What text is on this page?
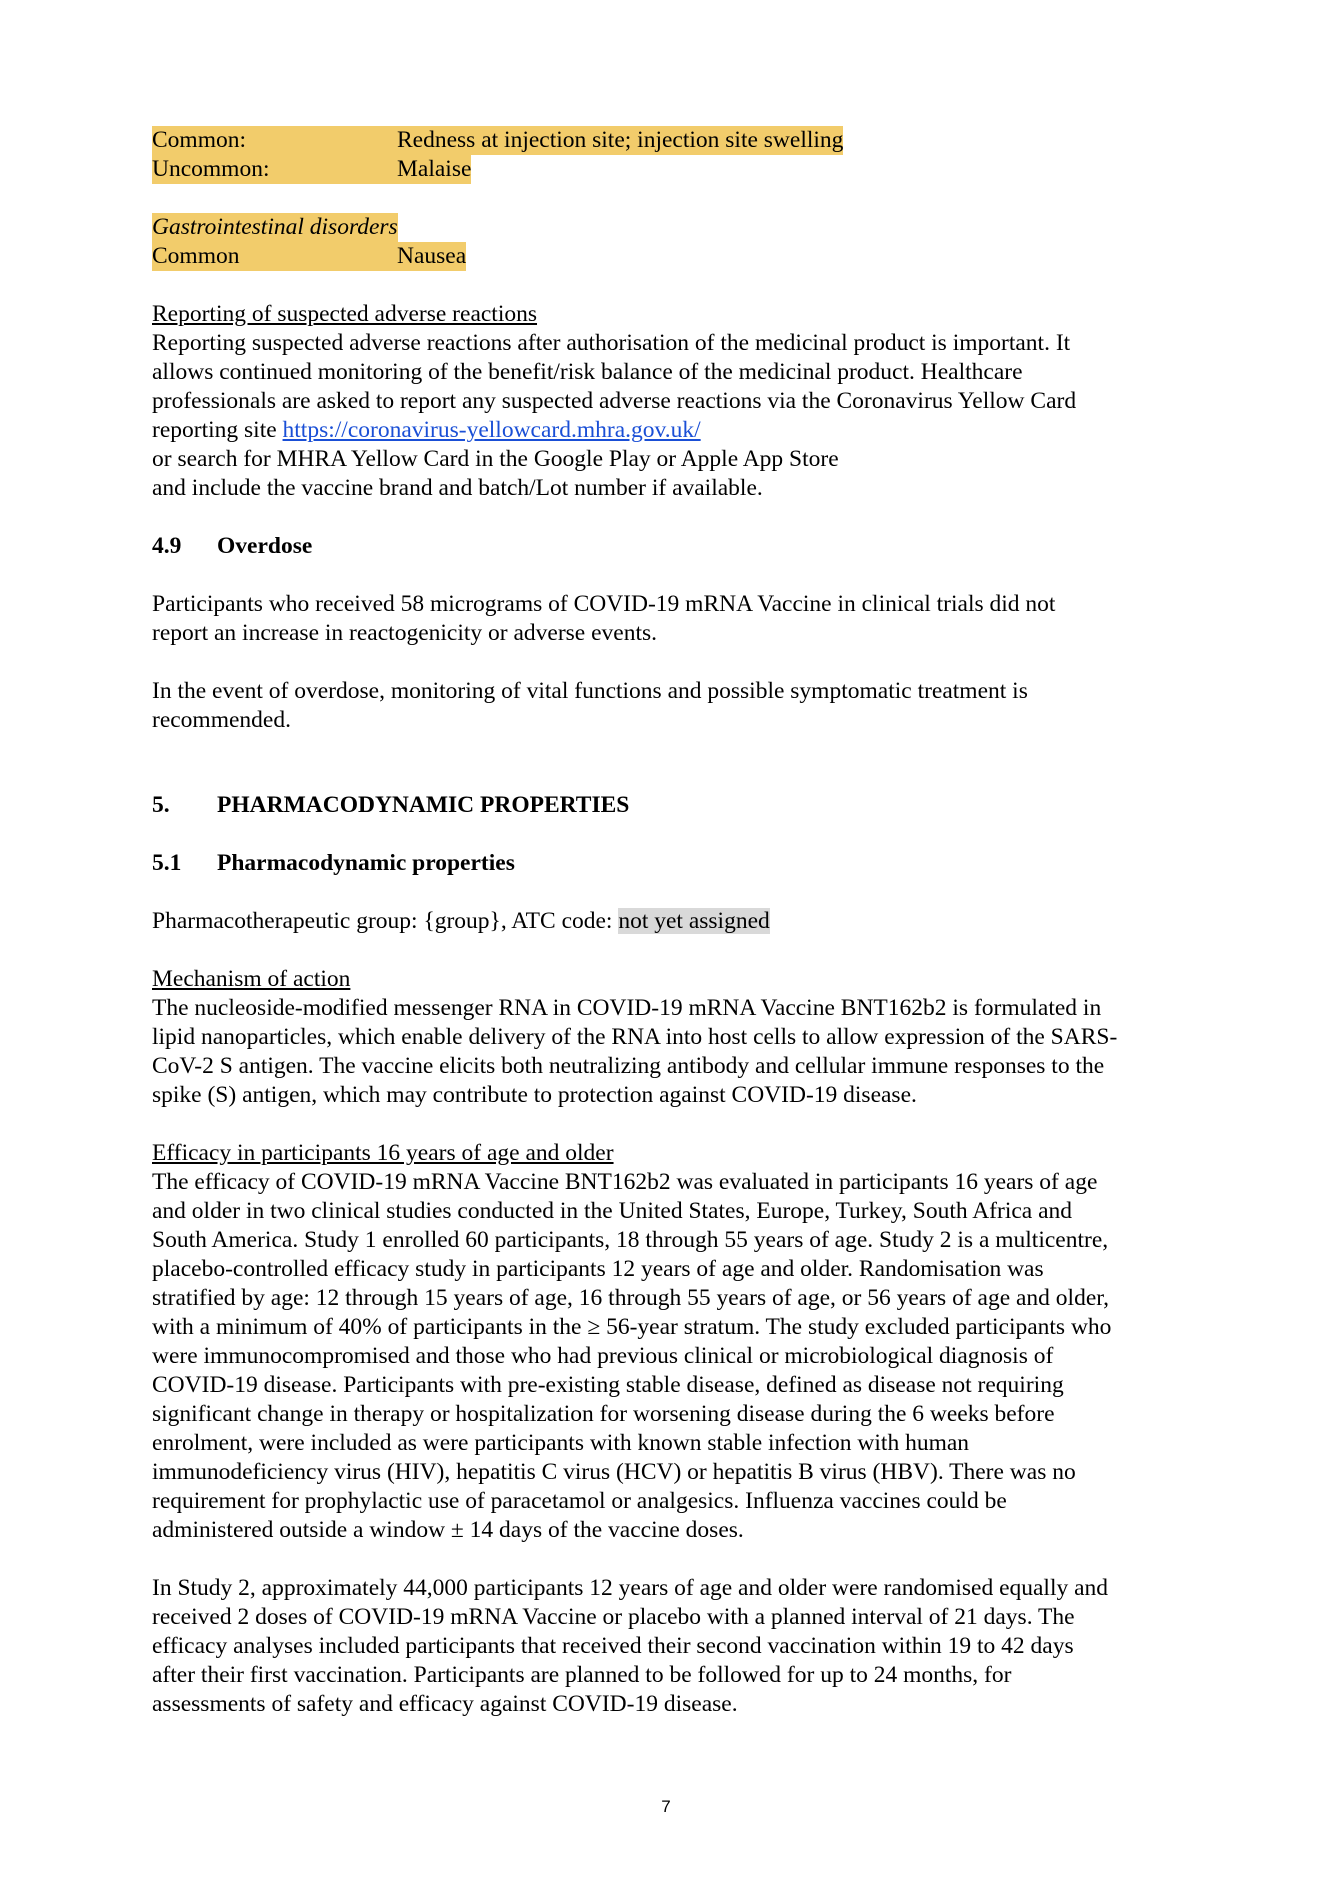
Common:	Redness at injection site; injection site swelling
Uncommon:	Malaise
Gastrointestinal disorders
Common	Nausea

Reporting of suspected adverse reactions

Reporting suspected adverse reactions after authorisation of the medicinal product is important. It

allows continued monitoring of the benefit/risk balance of the medicinal product. Healthcare

professionals are asked to report any suspected adverse reactions via the Coronavirus Yellow Card

reporting site https://coronavirus-yellowcard.mhra.gov.uk/

or search for MHRA Yellow Card in the Google Play or Apple App Store

and include the vaccine brand and batch/Lot number if available.

4.9	Overdose

Participants who received 58 micrograms of COVID-19 mRNA Vaccine in clinical trials did not

report an increase in reactogenicity or adverse events.

In the event of overdose, monitoring of vital functions and possible symptomatic treatment is

recommended.

5.	PHARMACODYNAMIC PROPERTIES
5.1	Pharmacodynamic properties

Pharmacotherapeutic group: {group}, ATC code: not yet assigned

Mechanism of action

The nucleoside-modified messenger RNA in COVID-19 mRNA Vaccine BNT162b2 is formulated in

lipid nanoparticles, which enable delivery of the RNA into host cells to allow expression of the SARS-

CoV-2 S antigen. The vaccine elicits both neutralizing antibody and cellular immune responses to the

spike (S) antigen, which may contribute to protection against COVID-19 disease.

Efficacy in participants 16 years of age and older

The efficacy of COVID-19 mRNA Vaccine BNT162b2 was evaluated in participants 16 years of age

and older in two clinical studies conducted in the United States, Europe, Turkey, South Africa and

South America. Study 1 enrolled 60 participants, 18 through 55 years of age. Study 2 is a multicentre,

placebo-controlled efficacy study in participants 12 years of age and older. Randomisation was

stratified by age: 12 through 15 years of age, 16 through 55 years of age, or 56 years of age and older,

with a minimum of 40% of participants in the ≥ 56-year stratum. The study excluded participants who

were immunocompromised and those who had previous clinical or microbiological diagnosis of

COVID-19 disease. Participants with pre-existing stable disease, defined as disease not requiring

significant change in therapy or hospitalization for worsening disease during the 6 weeks before

enrolment, were included as were participants with known stable infection with human

immunodeficiency virus (HIV), hepatitis C virus (HCV) or hepatitis B virus (HBV). There was no

requirement for prophylactic use of paracetamol or analgesics. Influenza vaccines could be

administered outside a window ± 14 days of the vaccine doses.

In Study 2, approximately 44,000 participants 12 years of age and older were randomised equally and

received 2 doses of COVID-19 mRNA Vaccine or placebo with a planned interval of 21 days. The

efficacy analyses included participants that received their second vaccination within 19 to 42 days

after their first vaccination. Participants are planned to be followed for up to 24 months, for

assessments of safety and efficacy against COVID-19 disease.

7
